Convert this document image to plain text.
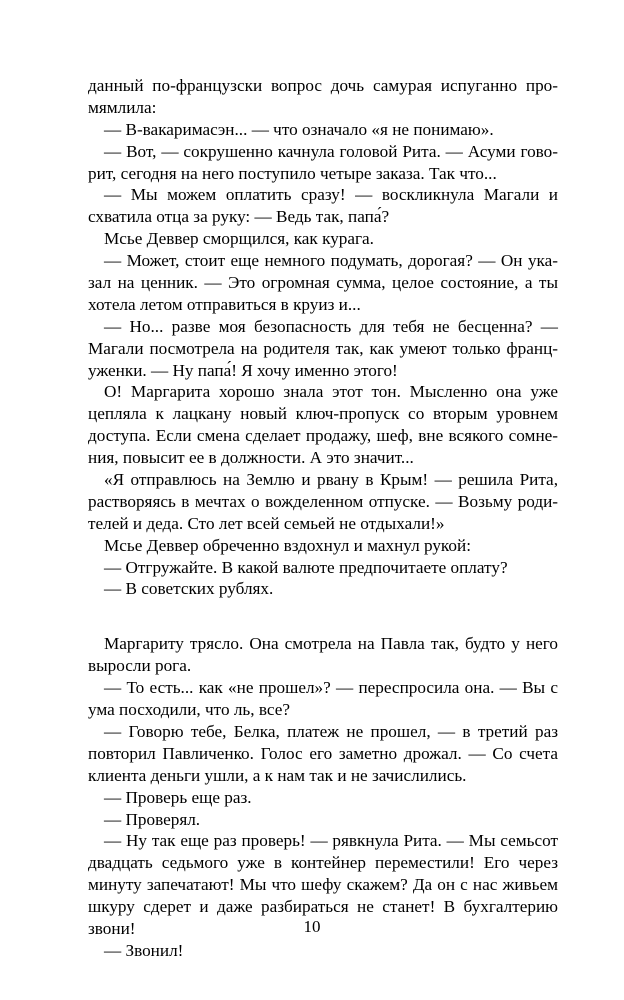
данный по-французски вопрос дочь самурая испуганно про-
мямлила:
— В-вакаримасэн... — что означало «я не понимаю».
— Вот, — сокрушенно качнула головой Рита. — Асуми гово-
рит, сегодня на него поступило четыре заказа. Так что...
— Мы можем оплатить сразу! — воскликнула Магали и
схватила отца за руку: — Ведь так, папа́?
Мсье Деввер сморщился, как курага.
— Может, стоит еще немного подумать, дорогая? — Он ука-
зал на ценник. — Это огромная сумма, целое состояние, а ты
хотела летом отправиться в круиз и...
— Но... разве моя безопасность для тебя не бесценна? —
Магали посмотрела на родителя так, как умеют только франц-
уженки. — Ну папа́! Я хочу именно этого!
О! Маргарита хорошо знала этот тон. Мысленно она уже
цепляла к лацкану новый ключ-пропуск со вторым уровнем
доступа. Если смена сделает продажу, шеф, вне всякого сомне-
ния, повысит ее в должности. А это значит...
«Я отправлюсь на Землю и рвану в Крым! — решила Рита,
растворяясь в мечтах о вожделенном отпуске. — Возьму роди-
телей и деда. Сто лет всей семьей не отдыхали!»
Мсье Деввер обреченно вздохнул и махнул рукой:
— Отгружайте. В какой валюте предпочитаете оплату?
— В советских рублях.
Маргариту трясло. Она смотрела на Павла так, будто у него
выросли рога.
— То есть... как «не прошел»? — переспросила она. — Вы с
ума посходили, что ль, все?
— Говорю тебе, Белка, платеж не прошел, — в третий раз
повторил Павличенко. Голос его заметно дрожал. — Со счета
клиента деньги ушли, а к нам так и не зачислились.
— Проверь еще раз.
— Проверял.
— Ну так еще раз проверь! — рявкнула Рита. — Мы семьсот
двадцать седьмого уже в контейнер переместили! Его через
минуту запечатают! Мы что шефу скажем? Да он с нас живьем
шкуру сдерет и даже разбираться не станет! В бухгалтерию
звони!
— Звонил!
10
